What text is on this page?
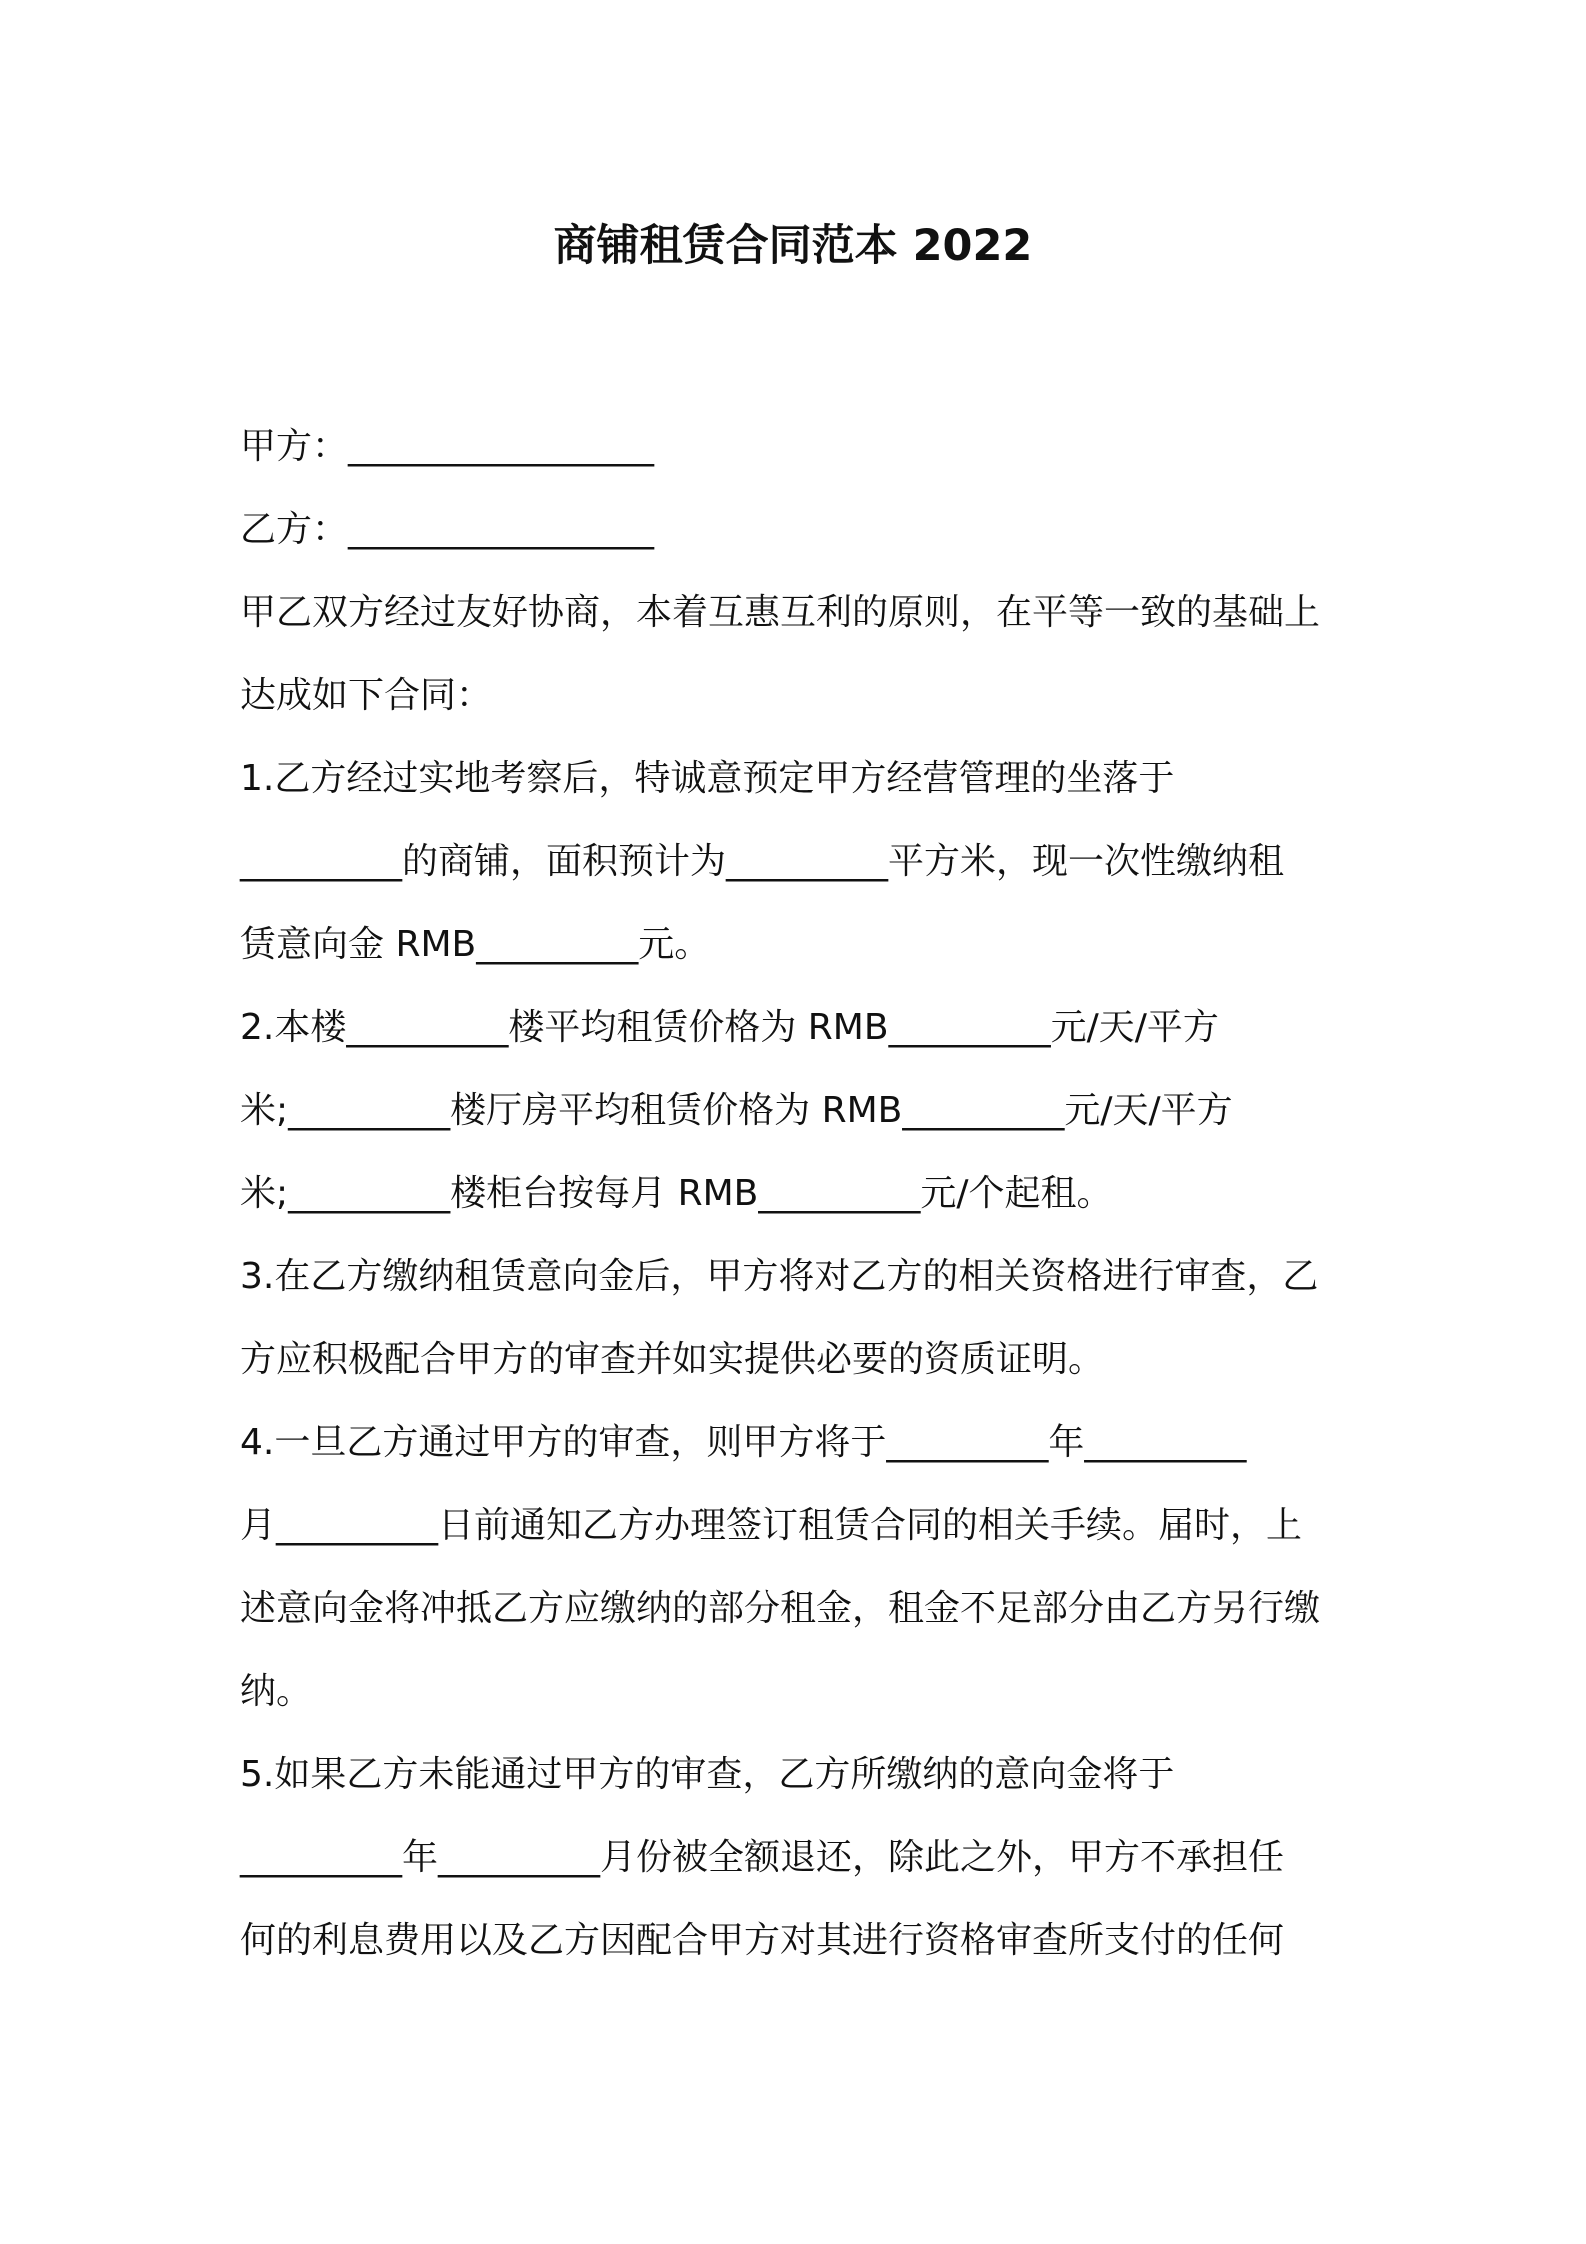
商铺租赁合同范本 2022
甲方：_________________
乙方：_________________
甲乙双方经过友好协商，本着互惠互利的原则，在平等一致的基础上
达成如下合同：
1.乙方经过实地考察后，特诚意预定甲方经营管理的坐落于
_________的商铺，面积预计为_________平方米，现一次性缴纳租
赁意向金 RMB_________元。
2.本楼_________楼平均租赁价格为 RMB_________元/天/平方
米;_________楼厅房平均租赁价格为 RMB_________元/天/平方
米;_________楼柜台按每月 RMB_________元/个起租。
3.在乙方缴纳租赁意向金后，甲方将对乙方的相关资格进行审查，乙
方应积极配合甲方的审查并如实提供必要的资质证明。
4.一旦乙方通过甲方的审查，则甲方将于_________年_________
月_________日前通知乙方办理签订租赁合同的相关手续。届时，上
述意向金将冲抵乙方应缴纳的部分租金，租金不足部分由乙方另行缴
纳。
5.如果乙方未能通过甲方的审查，乙方所缴纳的意向金将于
_________年_________月份被全额退还，除此之外，甲方不承担任
何的利息费用以及乙方因配合甲方对其进行资格审查所支付的任何
